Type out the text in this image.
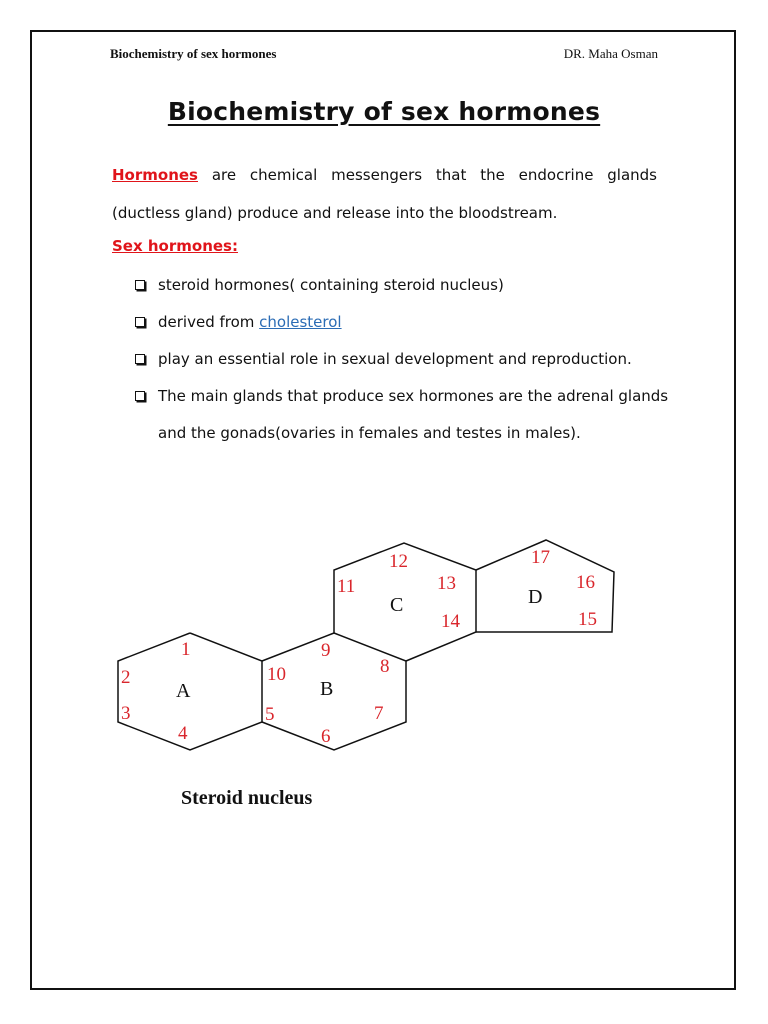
Biochemistry of sex hormones	DR. Maha Osman
Biochemistry of sex hormones

Hormones are chemical messengers that the endocrine glands (ductless gland) produce and release into the bloodstream.

Sex hormones:
steroid hormones( containing steroid nucleus)
derived from cholesterol
play an essential role in sexual development and reproduction.
The main glands that produce sex hormones are the adrenal glands and the gonads(ovaries in females and testes in males).
A	B
C	D
1
2
3
4
5
6
7
8
9
10
11
12
13
14	15
16
17
Steroid nucleus
